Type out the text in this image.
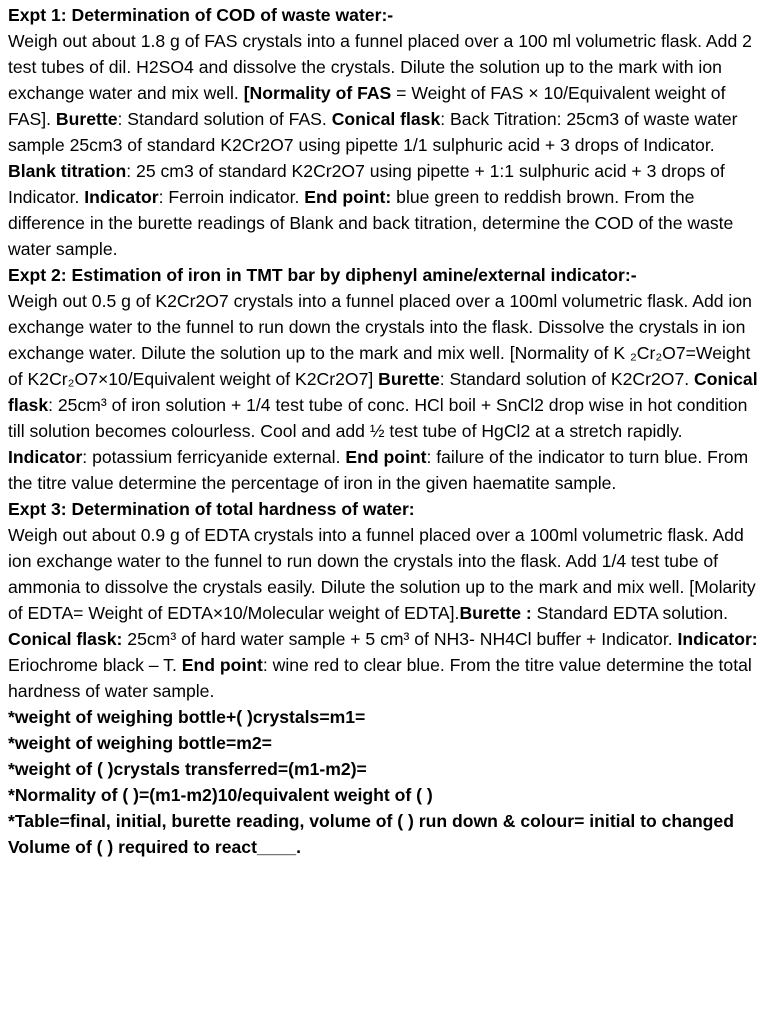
Expt 1: Determination of COD of waste water:-
Weigh out about 1.8 g of FAS crystals into a funnel placed over a 100 ml volumetric flask. Add 2 test tubes of dil. H2SO4 and dissolve the crystals. Dilute the solution up to the mark with ion exchange water and mix well. [Normality of FAS = Weight of FAS × 10/Equivalent weight of FAS]. Burette: Standard solution of FAS. Conical flask: Back Titration: 25cm3 of waste water sample 25cm3 of standard K2Cr2O7 using pipette 1/1 sulphuric acid + 3 drops of Indicator. Blank titration: 25 cm3 of standard K2Cr2O7 using pipette + 1:1 sulphuric acid + 3 drops of Indicator. Indicator: Ferroin indicator. End point: blue green to reddish brown. From the difference in the burette readings of Blank and back titration, determine the COD of the waste water sample.
Expt 2: Estimation of iron in TMT bar by diphenyl amine/external indicator:-
Weigh out 0.5 g of K2Cr2O7 crystals into a funnel placed over a 100ml volumetric flask. Add ion exchange water to the funnel to run down the crystals into the flask. Dissolve the crystals in ion exchange water. Dilute the solution up to the mark and mix well. [Normality of K ₂Cr₂O7=Weight of K2Cr₂O7×10/Equivalent weight of K2Cr2O7] Burette: Standard solution of K2Cr2O7. Conical flask: 25cm³ of iron solution + 1/4 test tube of conc. HCl boil + SnCl2 drop wise in hot condition till solution becomes colourless. Cool and add ½ test tube of HgCl2 at a stretch rapidly. Indicator: potassium ferricyanide external. End point: failure of the indicator to turn blue. From the titre value determine the percentage of iron in the given haematite sample.
Expt 3: Determination of total hardness of water:
Weigh out about 0.9 g of EDTA crystals into a funnel placed over a 100ml volumetric flask. Add ion exchange water to the funnel to run down the crystals into the flask. Add 1/4 test tube of ammonia to dissolve the crystals easily. Dilute the solution up to the mark and mix well. [Molarity of EDTA= Weight of EDTA×10/Molecular weight of EDTA].Burette : Standard EDTA solution. Conical flask: 25cm³ of hard water sample + 5 cm³ of NH3- NH4Cl buffer + Indicator. Indicator: Eriochrome black – T. End point: wine red to clear blue. From the titre value determine the total hardness of water sample.
*weight of weighing bottle+( )crystals=m1=
*weight of weighing bottle=m2=
*weight of ( )crystals transferred=(m1-m2)=
*Normality of ( )=(m1-m2)10/equivalent weight of ( )
*Table=final, initial, burette reading, volume of ( ) run down & colour= initial to changed
Volume of ( ) required to react____.
